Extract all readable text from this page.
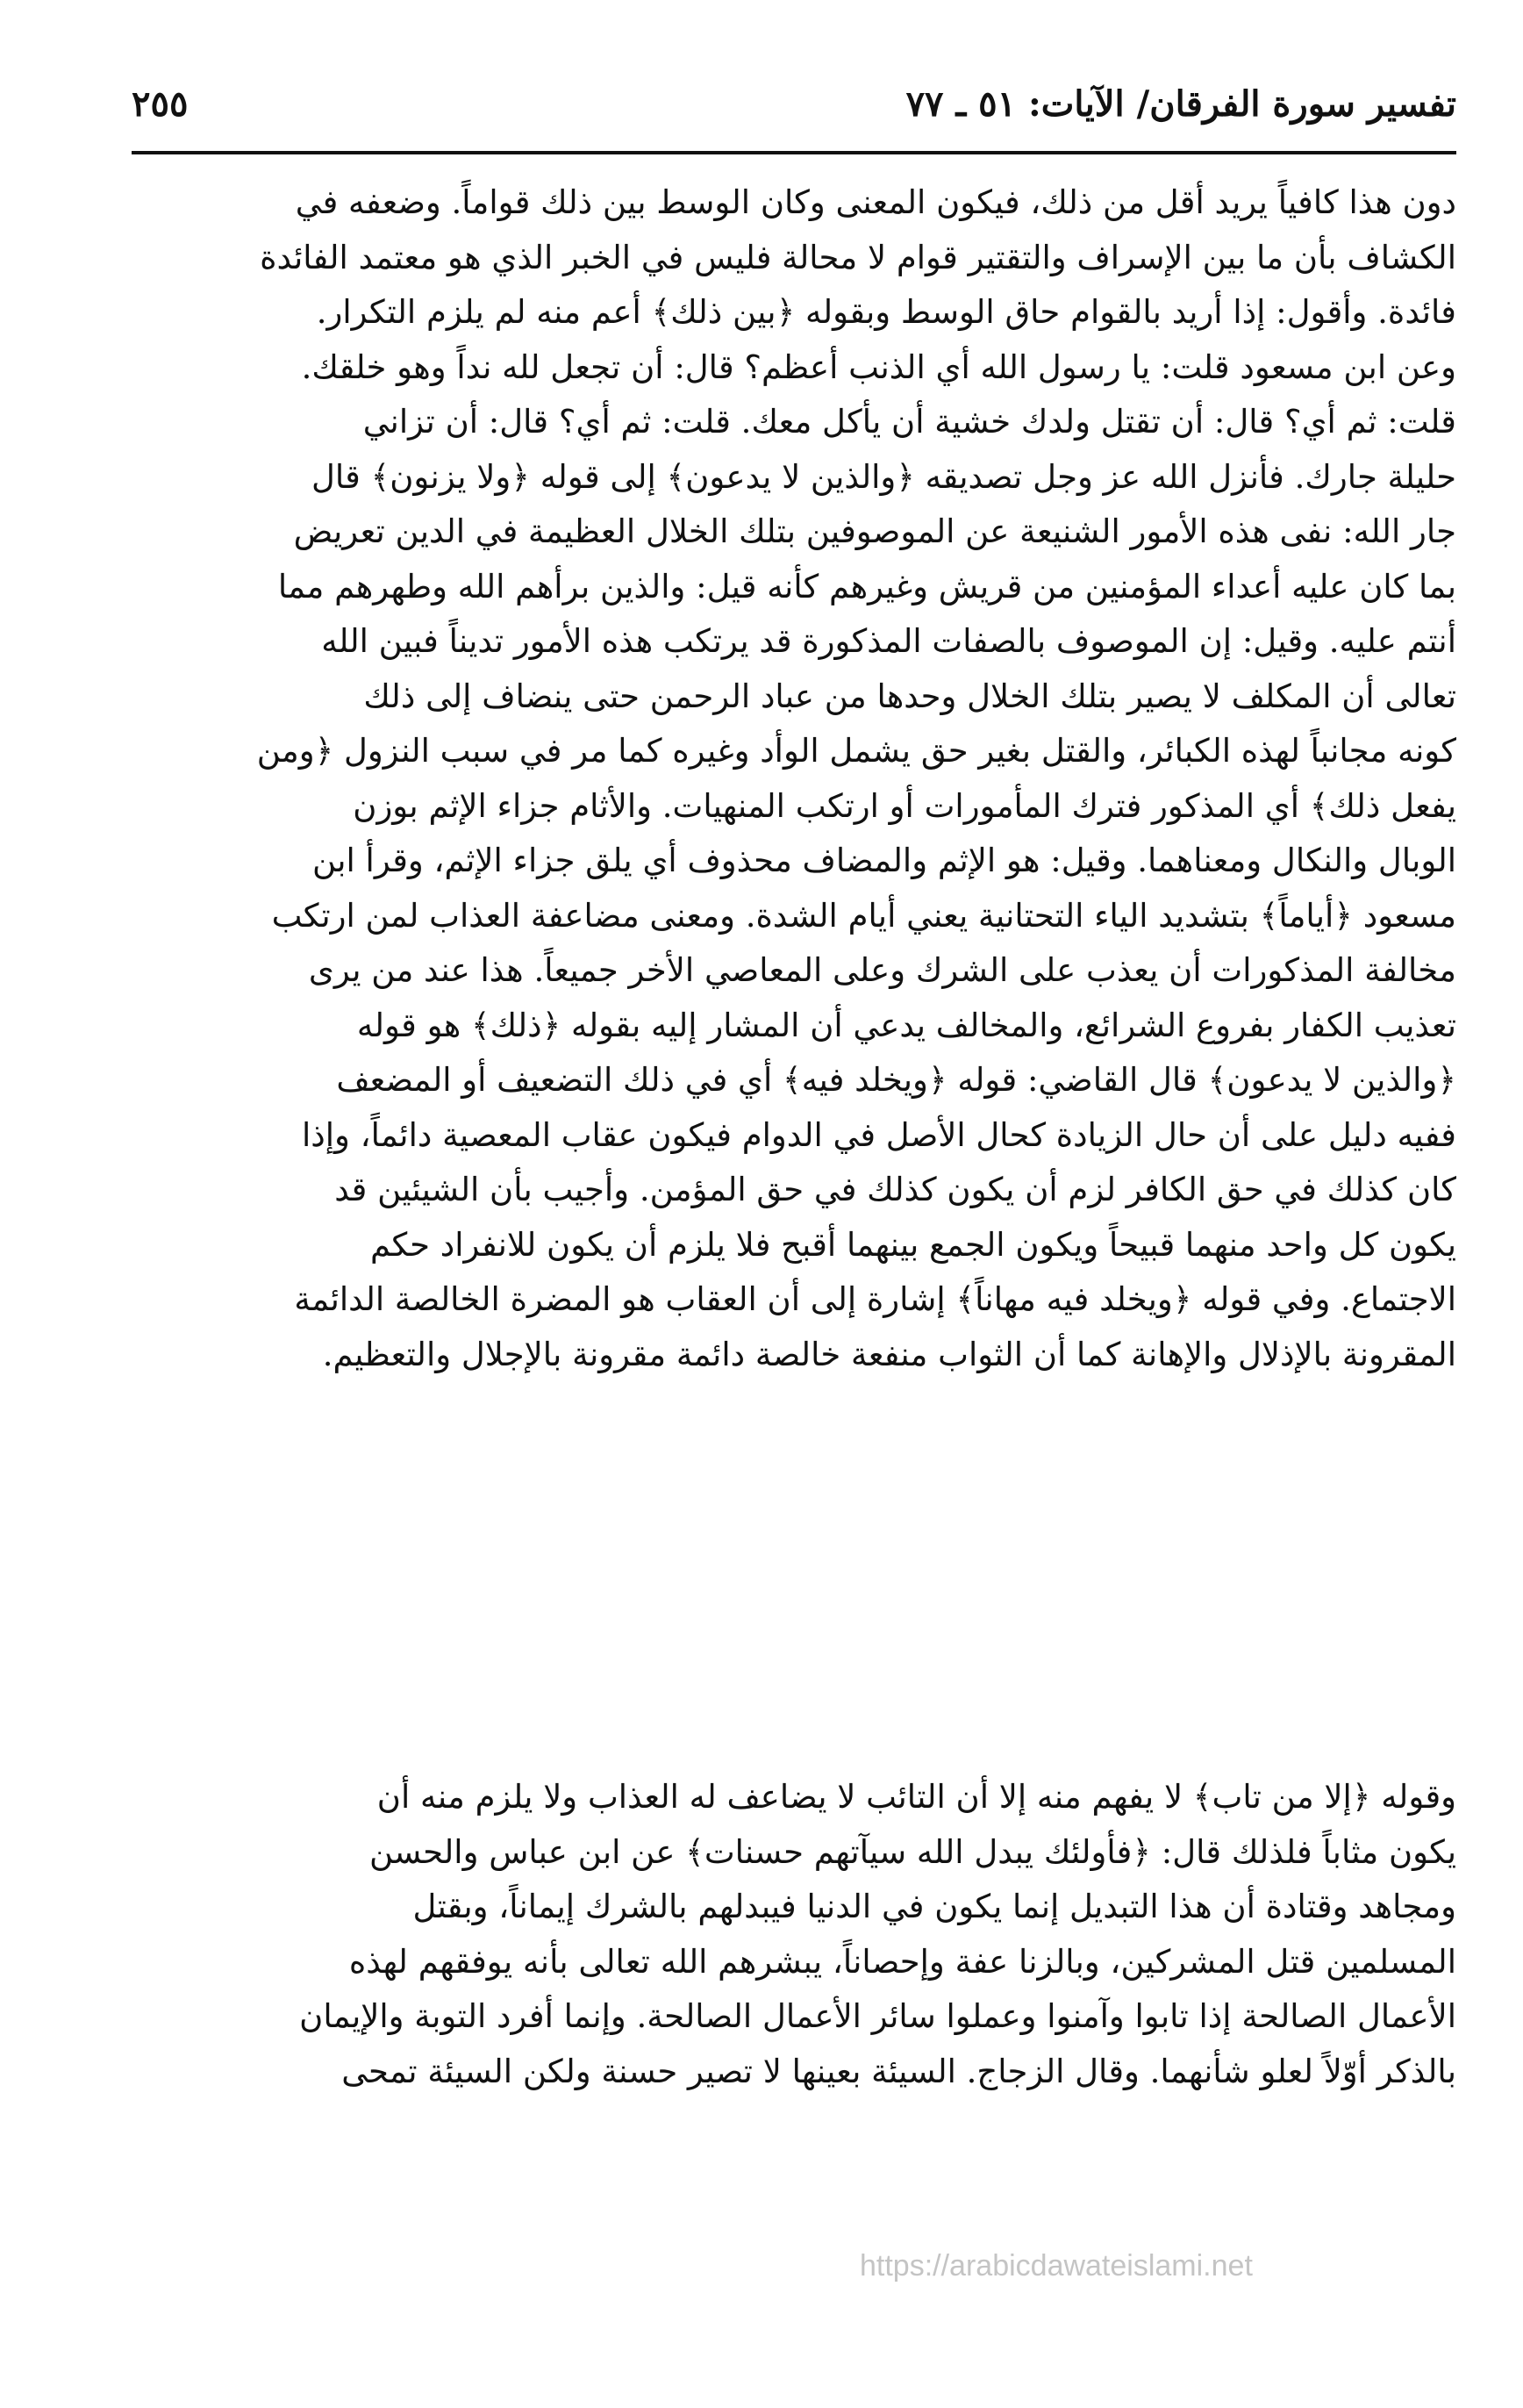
تفسير سورة الفرقان/ الآيات: ٥١ ـ ٧٧
٢٥٥
دون هذا كافياً يريد أقل من ذلك، فيكون المعنى وكان الوسط بين ذلك قواماً. وضعفه في
الكشاف بأن ما بين الإسراف والتقتير قوام لا محالة فليس في الخبر الذي هو معتمد الفائدة
فائدة. وأقول: إذا أريد بالقوام حاق الوسط وبقوله ﴿بين ذلك﴾ أعم منه لم يلزم التكرار.
وعن ابن مسعود قلت: يا رسول الله أي الذنب أعظم؟ قال: أن تجعل لله نداً وهو خلقك.
قلت: ثم أي؟ قال: أن تقتل ولدك خشية أن يأكل معك. قلت: ثم أي؟ قال: أن تزاني
حليلة جارك. فأنزل الله عز وجل تصديقه ﴿والذين لا يدعون﴾ إلى قوله ﴿ولا يزنون﴾ قال
جار الله: نفى هذه الأمور الشنيعة عن الموصوفين بتلك الخلال العظيمة في الدين تعريض
بما كان عليه أعداء المؤمنين من قريش وغيرهم كأنه قيل: والذين برأهم الله وطهرهم مما
أنتم عليه. وقيل: إن الموصوف بالصفات المذكورة قد يرتكب هذه الأمور تديناً فبين الله
تعالى أن المكلف لا يصير بتلك الخلال وحدها من عباد الرحمن حتى ينضاف إلى ذلك
كونه مجانباً لهذه الكبائر، والقتل بغير حق يشمل الوأد وغيره كما مر في سبب النزول ﴿ومن
يفعل ذلك﴾ أي المذكور فترك المأمورات أو ارتكب المنهيات. والأثام جزاء الإثم بوزن
الوبال والنكال ومعناهما. وقيل: هو الإثم والمضاف محذوف أي يلق جزاء الإثم، وقرأ ابن
مسعود ﴿أياماً﴾ بتشديد الياء التحتانية يعني أيام الشدة. ومعنى مضاعفة العذاب لمن ارتكب
مخالفة المذكورات أن يعذب على الشرك وعلى المعاصي الأخر جميعاً. هذا عند من يرى
تعذيب الكفار بفروع الشرائع، والمخالف يدعي أن المشار إليه بقوله ﴿ذلك﴾ هو قوله
﴿والذين لا يدعون﴾ قال القاضي: قوله ﴿ويخلد فيه﴾ أي في ذلك التضعيف أو المضعف
ففيه دليل على أن حال الزيادة كحال الأصل في الدوام فيكون عقاب المعصية دائماً، وإذا
كان كذلك في حق الكافر لزم أن يكون كذلك في حق المؤمن. وأجيب بأن الشيئين قد
يكون كل واحد منهما قبيحاً ويكون الجمع بينهما أقبح فلا يلزم أن يكون للانفراد حكم
الاجتماع. وفي قوله ﴿ويخلد فيه مهاناً﴾ إشارة إلى أن العقاب هو المضرة الخالصة الدائمة
المقرونة بالإذلال والإهانة كما أن الثواب منفعة خالصة دائمة مقرونة بالإجلال والتعظيم.
وقوله ﴿إلا من تاب﴾ لا يفهم منه إلا أن التائب لا يضاعف له العذاب ولا يلزم منه أن
يكون مثاباً فلذلك قال: ﴿فأولئك يبدل الله سيآتهم حسنات﴾ عن ابن عباس والحسن
ومجاهد وقتادة أن هذا التبديل إنما يكون في الدنيا فيبدلهم بالشرك إيماناً، وبقتل
المسلمين قتل المشركين، وبالزنا عفة وإحصاناً، يبشرهم الله تعالى بأنه يوفقهم لهذه
الأعمال الصالحة إذا تابوا وآمنوا وعملوا سائر الأعمال الصالحة. وإنما أفرد التوبة والإيمان
بالذكر أوّلاً لعلو شأنهما. وقال الزجاج. السيئة بعينها لا تصير حسنة ولكن السيئة تمحى
https://arabicdawateislami.net
